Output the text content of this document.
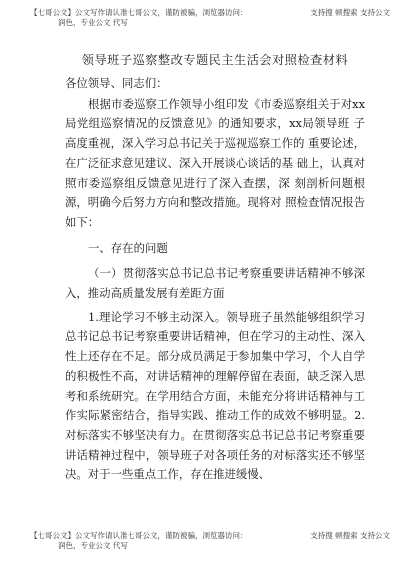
【七哥公文】公文写作请认准七哥公文，谨防被骗，浏览器访问：	支持搜 顿搜索 支持公文
润色，专业公文 代写
领导班子巡察整改专题民主生活会对照检查材料

各位领导、同志们：

根据市委巡察工作领导小组印发《市委巡察组关于对xx局党组巡察情况的反馈意见》的通知要求，xx局领导班 子高度重视，深入学习总书记关于巡视巡察工作的 重要论述，在广泛征求意见建议、深入开展谈心谈话的基 础上，认真对照市委巡察组反馈意见进行了深入查摆，深 刻剖析问题根源，明确今后努力方向和整改措施。现将对 照检查情况报告如下：

一、存在的问题

（一）贯彻落实总书记总书记考察重要讲话精神不够深入，推动高质量发展有差距方面

1.理论学习不够主动深入。领导班子虽然能够组织学习总书记总书记考察重要讲话精神，但在学习的主动性、深入性上还存在不足。部分成员满足于参加集中学习，个人自学的积极性不高，对讲话精神的理解停留在表面，缺乏深入思考和系统研究。在学用结合方面，未能充分将讲话精神与工作实际紧密结合，指导实践、推动工作的成效不够明显。2.对标落实不够坚决有力。在贯彻落实总书记总书记考察重要讲话精神过程中，领导班子对各项任务的对标落实还不够坚决。对于一些重点工作，存在推进缓慢、

【七哥公文】公文写作请认准七哥公文，谨防被骗，浏览器访问：	支持搜 顿搜索 支持公文
润色，专业公文 代写
